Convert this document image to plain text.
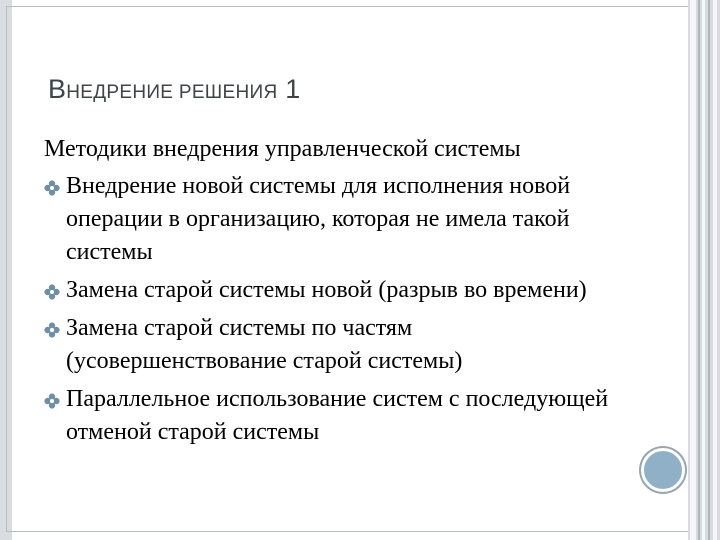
ВНЕДРЕНИЕ РЕШЕНИЯ 1

Методики внедрения управленческой системы

Внедрение новой системы для исполнения новой операции в организацию, которая не имела такой системы
Замена старой системы новой (разрыв во времени)
Замена старой системы по частям (усовершенствование старой системы)
Параллельное использование систем с последующей отменой старой системы
